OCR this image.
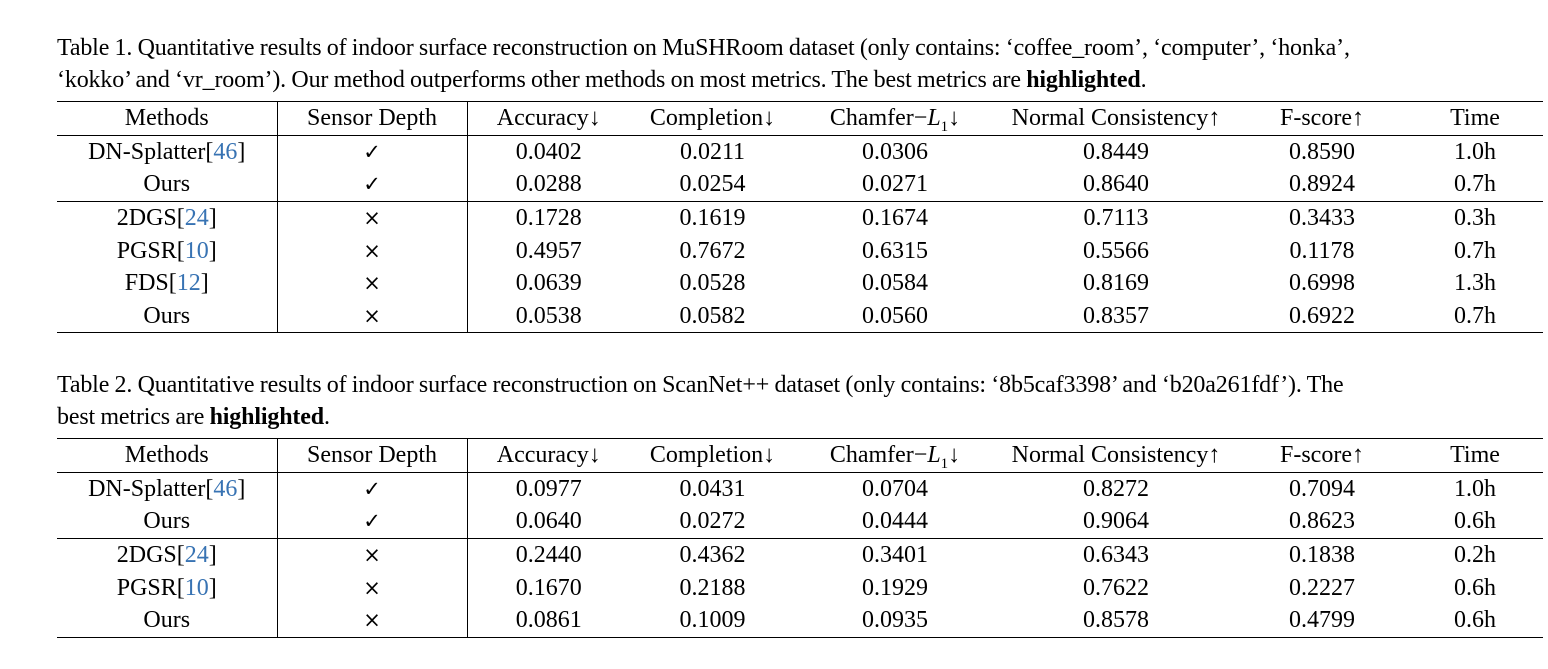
Table 1. Quantitative results of indoor surface reconstruction on MuSHRoom dataset (only contains: ‘coffee_room’, ‘computer’, ‘honka’,

‘kokko’ and ‘vr_room’). Our method outperforms other methods on most metrics. The best metrics are highlighted.

Methods	Sensor Depth	Accuracy↓	Completion↓	$Chamfer-L_1↓$	Normal Consistency↑	F-score↑	Time
DN-Splatter[46]	✓	0.0402	0.0211	0.0306	0.8449	0.8590	1.0h
Ours	✓	0.0288	0.0254	0.0271	0.8640	0.8924	0.7h
2DGS[24]	×	0.1728	0.1619	0.1674	0.7113	0.3433	0.3h
PGSR[10]	×	0.4957	0.7672	0.6315	0.5566	0.1178	0.7h
FDS[12]	×	0.0639	0.0528	0.0584	0.8169	0.6998	1.3h
Ours	×	0.0538	0.0582	0.0560	0.8357	0.6922	0.7h

Table 2. Quantitative results of indoor surface reconstruction on ScanNet++ dataset (only contains: ‘8b5caf3398’ and ‘b20a261fdf’). The

best metrics are highlighted.

Methods	Sensor Depth	Accuracy↓	Completion↓	$Chamfer-L_1↓$	Normal Consistency↑	F-score↑	Time
DN-Splatter[46]	✓	0.0977	0.0431	0.0704	0.8272	0.7094	1.0h
Ours	✓	0.0640	0.0272	0.0444	0.9064	0.8623	0.6h
2DGS[24]	×	0.2440	0.4362	0.3401	0.6343	0.1838	0.2h
PGSR[10]	×	0.1670	0.2188	0.1929	0.7622	0.2227	0.6h
Ours	×	0.0861	0.1009	0.0935	0.8578	0.4799	0.6h
